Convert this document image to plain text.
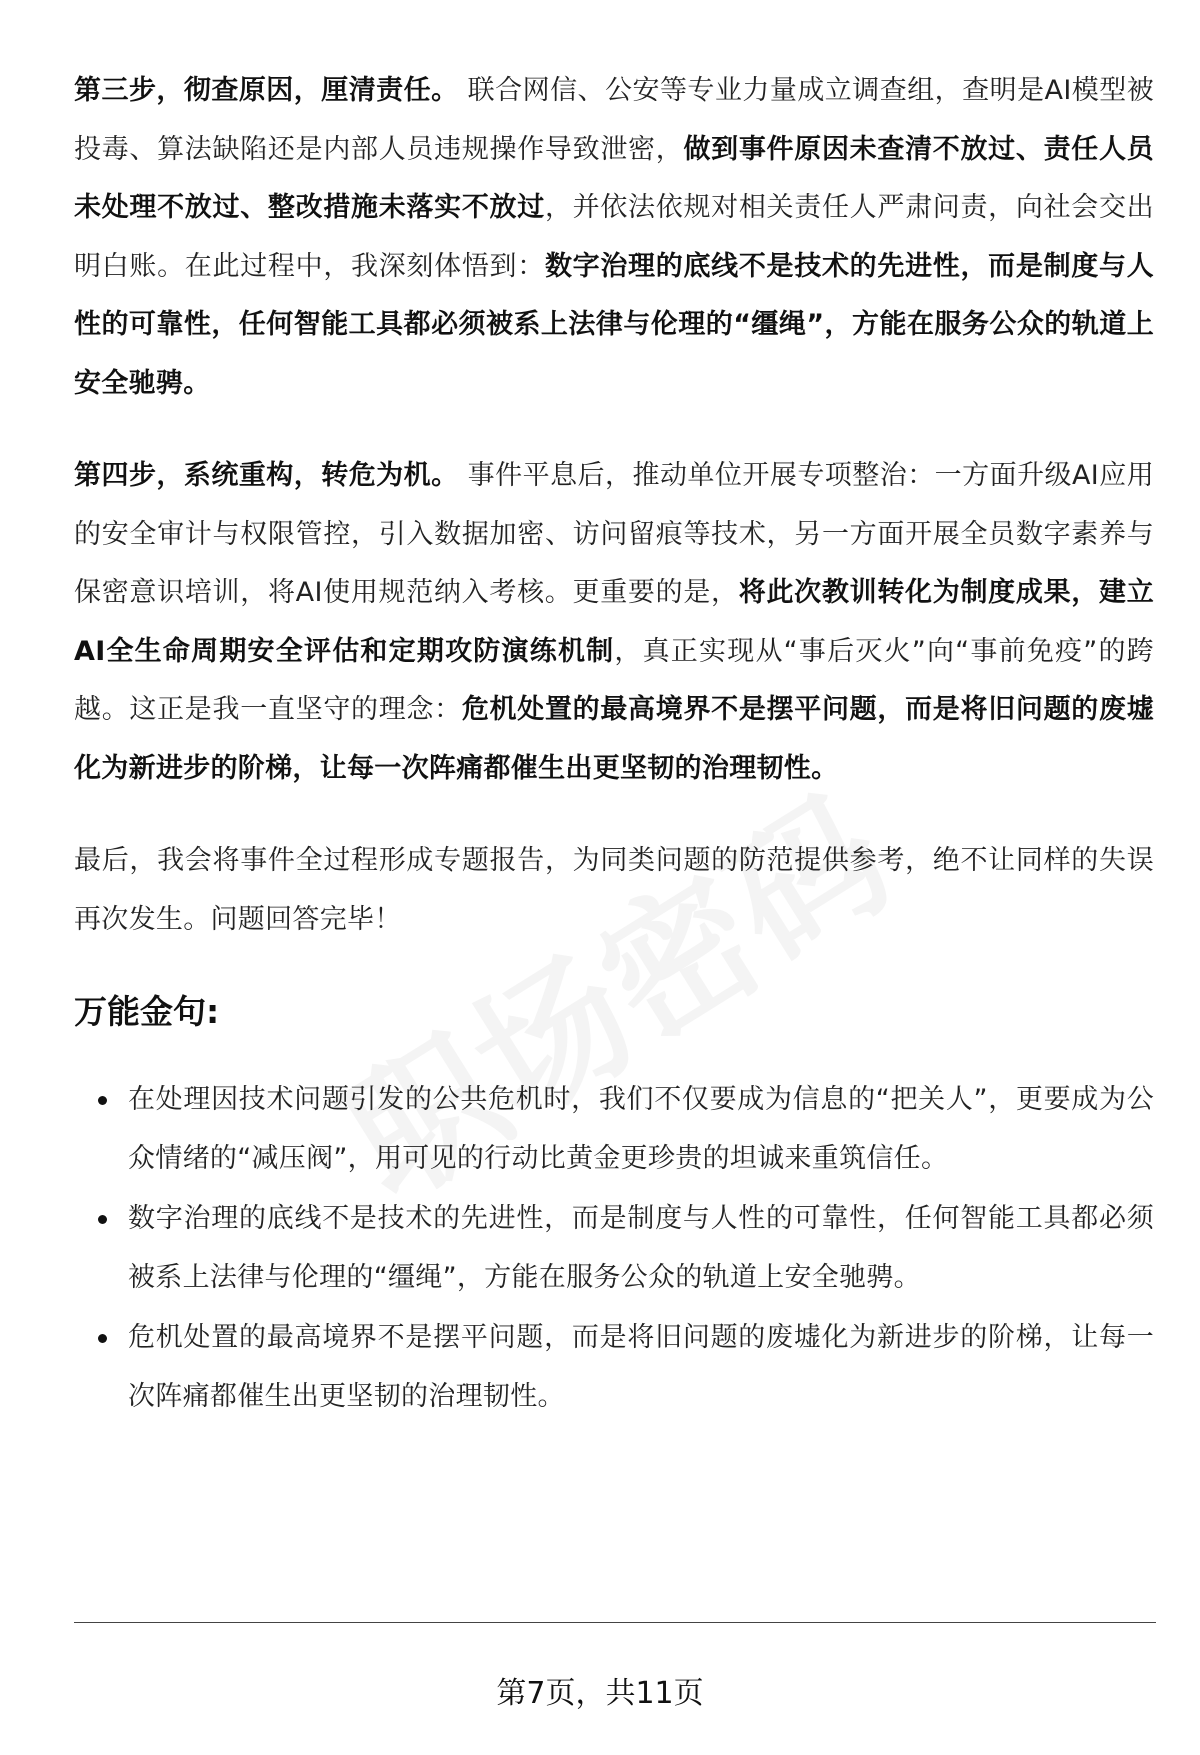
第三步，彻查原因，厘清责任。 联合网信、公安等专业力量成立调查组，查明是AI模型被投毒、算法缺陷还是内部人员违规操作导致泄密，做到事件原因未查清不放过、责任人员未处理不放过、整改措施未落实不放过，并依法依规对相关责任人严肃问责，向社会交出明白账。在此过程中，我深刻体悟到：数字治理的底线不是技术的先进性，而是制度与人性的可靠性，任何智能工具都必须被系上法律与伦理的“缰绳”，方能在服务公众的轨道上安全驰骋。

第四步，系统重构，转危为机。 事件平息后，推动单位开展专项整治：一方面升级AI应用的安全审计与权限管控，引入数据加密、访问留痕等技术，另一方面开展全员数字素养与保密意识培训，将AI使用规范纳入考核。更重要的是，将此次教训转化为制度成果，建立AI全生命周期安全评估和定期攻防演练机制，真正实现从“事后灭火”向“事前免疫”的跨越。这正是我一直坚守的理念：危机处置的最高境界不是摆平问题，而是将旧问题的废墟化为新进步的阶梯，让每一次阵痛都催生出更坚韧的治理韧性。

最后，我会将事件全过程形成专题报告，为同类问题的防范提供参考，绝不让同样的失误再次发生。问题回答完毕！

万能金句:
在处理因技术问题引发的公共危机时，我们不仅要成为信息的“把关人”，更要成为公众情绪的“减压阀”，用可见的行动比黄金更珍贵的坦诚来重筑信任。
数字治理的底线不是技术的先进性，而是制度与人性的可靠性，任何智能工具都必须被系上法律与伦理的“缰绳”，方能在服务公众的轨道上安全驰骋。
危机处置的最高境界不是摆平问题，而是将旧问题的废墟化为新进步的阶梯，让每一次阵痛都催生出更坚韧的治理韧性。
第7页，共11页
